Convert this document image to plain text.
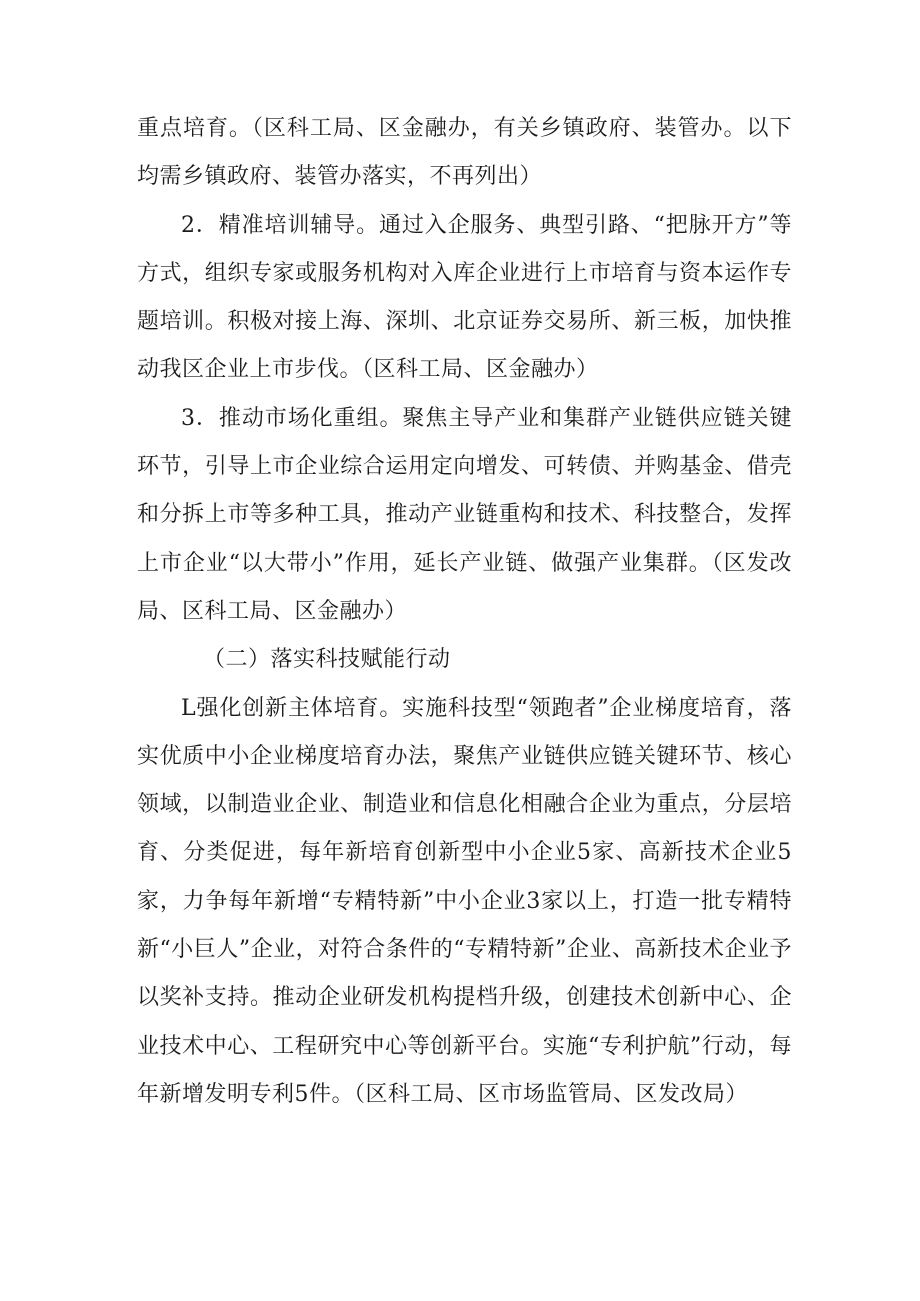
重点培育。（区科工局、区金融办，有关乡镇政府、装管办。以下均需乡镇政府、装管办落实，不再列出）

2．精准培训辅导。通过入企服务、典型引路、“把脉开方”等方式，组织专家或服务机构对入库企业进行上市培育与资本运作专题培训。积极对接上海、深圳、北京证券交易所、新三板，加快推动我区企业上市步伐。（区科工局、区金融办）

3．推动市场化重组。聚焦主导产业和集群产业链供应链关键环节，引导上市企业综合运用定向增发、可转债、并购基金、借壳和分拆上市等多种工具，推动产业链重构和技术、科技整合，发挥上市企业“以大带小”作用，延长产业链、做强产业集群。（区发改局、区科工局、区金融办）

（二）落实科技赋能行动

L强化创新主体培育。实施科技型“领跑者”企业梯度培育，落实优质中小企业梯度培育办法，聚焦产业链供应链关键环节、核心领域，以制造业企业、制造业和信息化相融合企业为重点，分层培育、分类促进，每年新培育创新型中小企业5家、高新技术企业5家，力争每年新增“专精特新”中小企业3家以上，打造一批专精特新“小巨人”企业，对符合条件的“专精特新”企业、高新技术企业予以奖补支持。推动企业研发机构提档升级，创建技术创新中心、企业技术中心、工程研究中心等创新平台。实施“专利护航”行动，每年新增发明专利5件。（区科工局、区市场监管局、区发改局）
